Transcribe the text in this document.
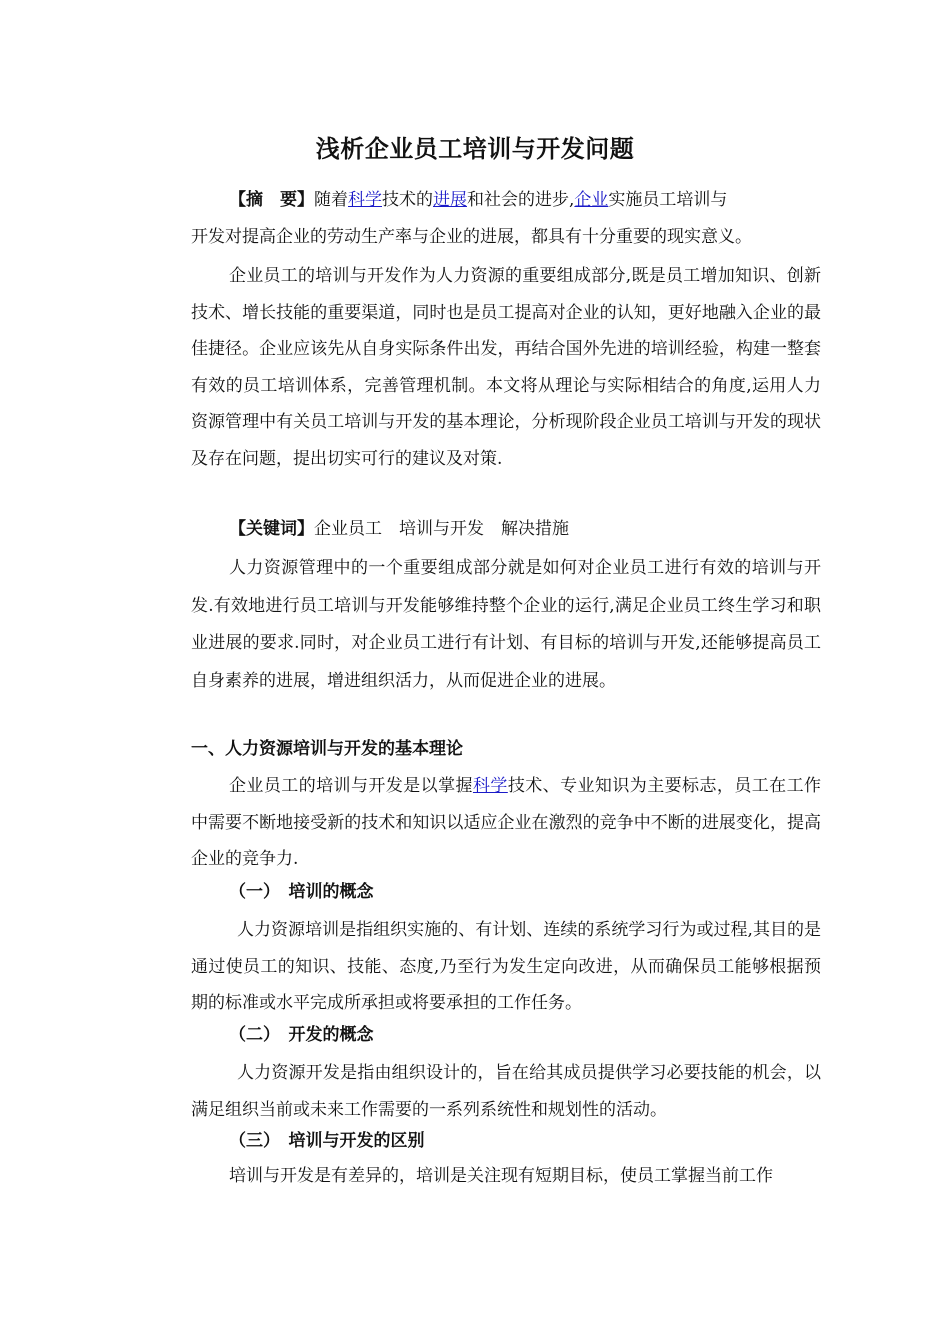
浅析企业员工培训与开发问题
【摘　要】随着科学技术的进展和社会的进步,企业实施员工培训与
开发对提高企业的劳动生产率与企业的进展，都具有十分重要的现实意义。

企业员工的培训与开发作为人力资源的重要组成部分,既是员工增加知识、创新技术、增长技能的重要渠道，同时也是员工提高对企业的认知，更好地融入企业的最佳捷径。企业应该先从自身实际条件出发，再结合国外先进的培训经验，构建一整套有效的员工培训体系，完善管理机制。本文将从理论与实际相结合的角度,运用人力资源管理中有关员工培训与开发的基本理论，分析现阶段企业员工培训与开发的现状及存在问题，提出切实可行的建议及对策.

【关键词】企业员工　培训与开发　解决措施

人力资源管理中的一个重要组成部分就是如何对企业员工进行有效的培训与开发.有效地进行员工培训与开发能够维持整个企业的运行,满足企业员工终生学习和职业进展的要求.同时，对企业员工进行有计划、有目标的培训与开发,还能够提高员工自身素养的进展，增进组织活力，从而促进企业的进展。

一、人力资源培训与开发的基本理论

企业员工的培训与开发是以掌握科学技术、专业知识为主要标志，员工在工作中需要不断地接受新的技术和知识以适应企业在激烈的竞争中不断的进展变化，提高企业的竞争力.

（一）　培训的概念

人力资源培训是指组织实施的、有计划、连续的系统学习行为或过程,其目的是通过使员工的知识、技能、态度,乃至行为发生定向改进，从而确保员工能够根据预期的标准或水平完成所承担或将要承担的工作任务。

（二）　开发的概念

人力资源开发是指由组织设计的，旨在给其成员提供学习必要技能的机会，以满足组织当前或未来工作需要的一系列系统性和规划性的活动。

（三）　培训与开发的区别
培训与开发是有差异的，培训是关注现有短期目标，使员工掌握当前工作
